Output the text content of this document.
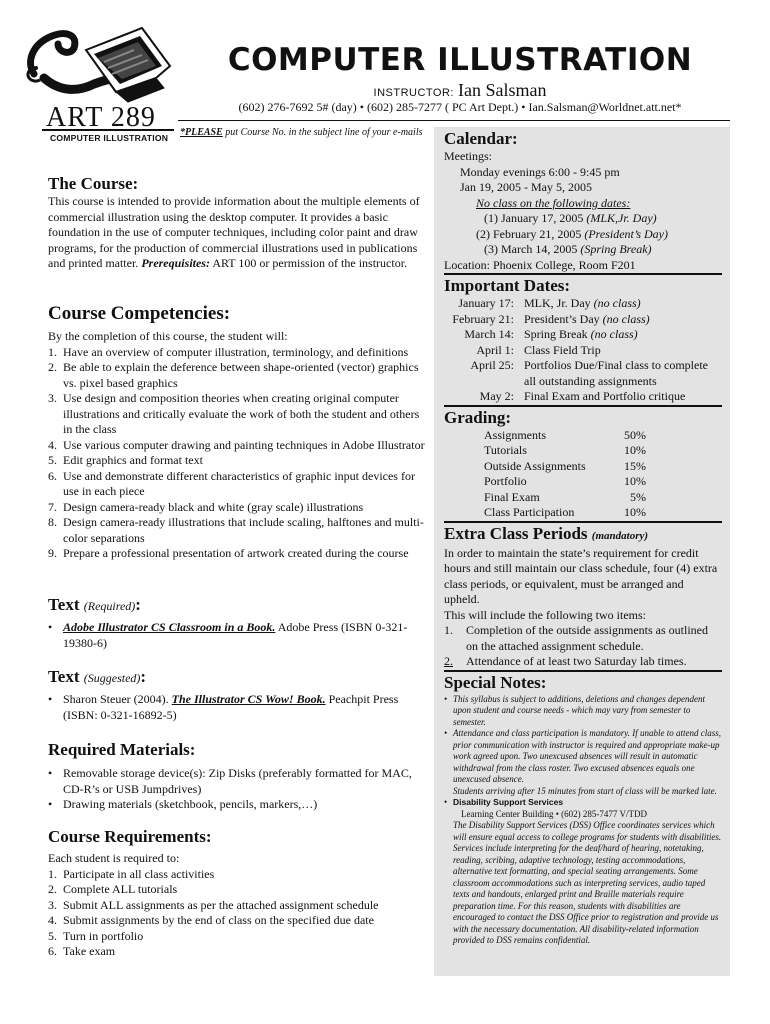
ART 289
COMPUTER ILLUSTRATION
COMPUTER ILLUSTRATION
INSTRUCTOR: Ian Salsman
(602) 276-7692 5# (day) • (602) 285-7277 ( PC Art Dept.) • Ian.Salsman@Worldnet.att.net*
*PLEASE put Course No. in the subject line of your e-mails
The Course:
This course is intended to provide information about the multiple elements of commercial illustration using the desktop computer. It provides a basic foundation in the use of computer techniques, including color paint and draw programs, for the production of commercial illustrations used in publications and printed matter. Prerequisites: ART 100 or permission of the instructor.
Course Competencies:
By the completion of this course, the student will:
1. Have an overview of computer illustration, terminology, and definitions
2. Be able to explain the deference between shape-oriented (vector) graphics vs. pixel based graphics
3. Use design and composition theories when creating original computer illustrations and critically evaluate the work of both the student and others in the class
4. Use various computer drawing and painting techniques in Adobe Illustrator
5. Edit graphics and format text
6. Use and demonstrate different characteristics of graphic input devices for use in each piece
7. Design camera-ready black and white (gray scale) illustrations
8. Design camera-ready illustrations that include scaling, halftones and multi-color separations
9. Prepare a professional presentation of artwork created during the course
Text (Required):
• Adobe Illustrator CS Classroom in a Book. Adobe Press (ISBN 0-321-19380-6)
Text (Suggested):
• Sharon Steuer (2004). The Illustrator CS Wow! Book. Peachpit Press (ISBN: 0-321-16892-5)
Required Materials:
• Removable storage device(s): Zip Disks (preferably formatted for MAC, CD-R’s or USB Jumpdrives)
• Drawing materials (sketchbook, pencils, markers,…)
Course Requirements:
Each student is required to:
1. Participate in all class activities
2. Complete ALL tutorials
3. Submit ALL assignments as per the attached assignment schedule
4. Submit assignments by the end of class on the specified due date
5. Turn in portfolio
6. Take exam
Calendar:
Meetings:
Monday evenings 6:00 - 9:45 pm
Jan 19, 2005 - May 5, 2005
No class on the following dates:
(1) January 17, 2005 (MLK,Jr. Day)
(2) February 21, 2005 (President’s Day)
(3) March 14, 2005 (Spring Break)
Location: Phoenix College, Room F201
Important Dates:
January 17:	MLK, Jr. Day (no class)
February 21:	President’s Day (no class)
March 14:	Spring Break (no class)
April 1:	Class Field Trip
April 25:	Portfolios Due/Final class to complete all outstanding assignments
May 2:	Final Exam and Portfolio critique
Grading:
Assignments	50%	
Tutorials	10%	
Outside Assignments	15%	
Portfolio	10%	
Final Exam	5%	
Class Participation	10%	
Extra Class Periods (mandatory)
In order to maintain the state’s requirement for credit hours and still maintain our class schedule, four (4) extra class periods, or equivalent, must be arranged and upheld.
This will include the following two items:
1. Completion of the outside assignments as outlined on the attached assignment schedule.
2. Attendance of at least two Saturday lab times.
Special Notes:
• This syllabus is subject to additions, deletions and changes dependent upon student and course needs - which may vary from semester to semester.
• Attendance and class participation is mandatory. If unable to attend class, prior communication with instructor is required and appropriate make-up work agreed upon. Two unexcused absences will result in automatic withdrawal from the class roster. Two excused absences equals one unexcused absence.
Students arriving after 15 minutes from start of class will be marked late.
• Disability Support Services
Learning Center Building • (602) 285-7477 V/TDD
The Disability Support Services (DSS) Office coordinates services which will ensure equal access to college programs for students with disabilities. Services include interpreting for the deaf/hard of hearing, notetaking, reading, scribing, adaptive technology, testing accommodations, alternative text formatting, and special seating arrangements. Some classroom accommodations such as interpreting services, audio taped texts and handouts, enlarged print and Braille materials require preparation time. For this reason, students with disabilities are encouraged to contact the DSS Office prior to registration and provide us with the necessary documentation. All disability-related information provided to DSS remains confidential.
